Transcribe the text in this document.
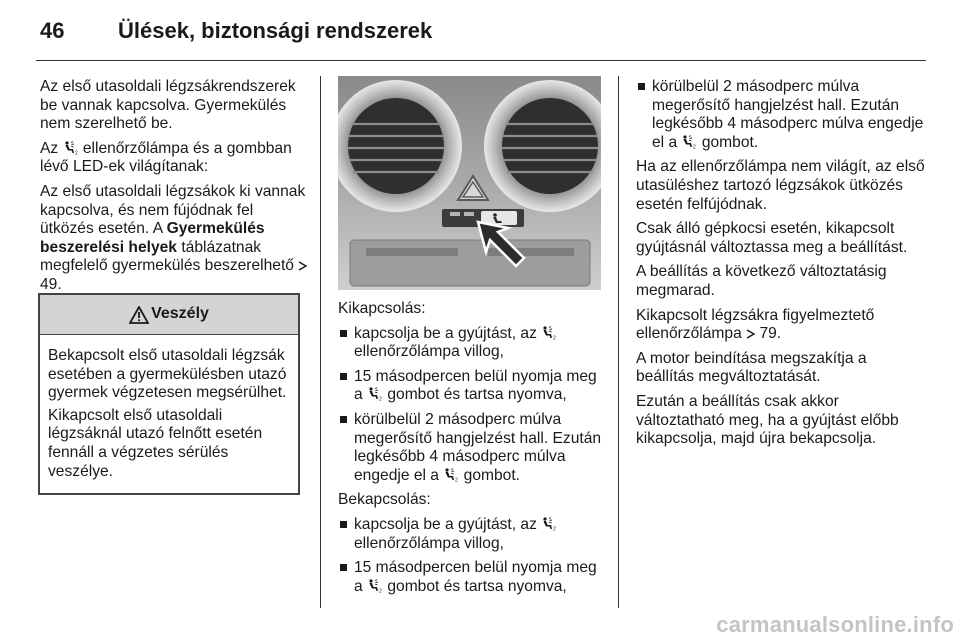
46 Ülések, biztonsági rendszerek

Az első utasoldali légzsákrendszerek be vannak kapcsolva. Gyermekülés nem szerelhető be.

Az  ellenőrzőlámpa és a gombban lévő LED-ek világítanak:

Az első utasoldali légzsákok ki vannak kapcsolva, és nem fújódnak fel ütközés esetén. A Gyermekülés beszerelési helyek táblázatnak megfelelő gyermekülés beszerelhető  49.

Veszély

Bekapcsolt első utasoldali légzsák esetében a gyermekülésben utazó gyermek végzetesen megsérülhet.

Kikapcsolt első utasoldali légzsáknál utazó felnőtt esetén fennáll a végzetes sérülés veszélye.

Kikapcsolás:

kapcsolja be a gyújtást, az  ellenőrzőlámpa villog,
15 másodpercen belül nyomja meg a  gombot és tartsa nyomva,
körülbelül 2 másodperc múlva megerősítő hangjelzést hall. Ezután legkésőbb 4 másodperc múlva engedje el a  gombot.

Bekapcsolás:

kapcsolja be a gyújtást, az  ellenőrzőlámpa villog,
15 másodpercen belül nyomja meg a  gombot és tartsa nyomva,
körülbelül 2 másodperc múlva megerősítő hangjelzést hall. Ezután legkésőbb 4 másodperc múlva engedje el a  gombot.

Ha az ellenőrzőlámpa nem világít, az első utasüléshez tartozó légzsákok ütközés esetén felfújódnak.

Csak álló gépkocsi esetén, kikapcsolt gyújtásnál változtassa meg a beállítást.

A beállítás a következő változtatásig megmarad.

Kikapcsolt légzsákra figyelmeztető ellenőrzőlámpa  79.

A motor beindítása megszakítja a beállítás megváltoztatását.

Ezután a beállítás csak akkor változtatható meg, ha a gyújtást előbb kikapcsolja, majd újra bekapcsolja.

carmanualsonline.info
